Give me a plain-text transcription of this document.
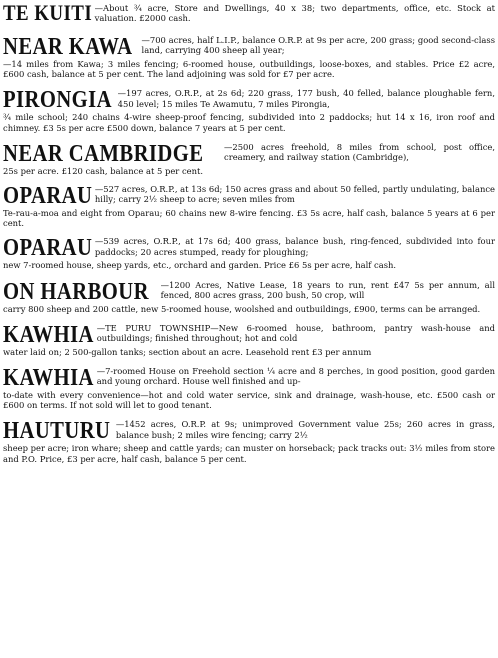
TE KUITI —About ¾ acre, Store and Dwellings, 40 x 38; two departments, office, etc. Stock at valuation. £2000 cash.
NEAR KAWA —700 acres, half L.I.P., balance O.R.P. at 9s per acre, 200 grass; good second-class land, carrying 400 sheep all year;
—14 miles from Kawa; 3 miles fencing; 6-roomed house, outbuildings, loose-boxes, and stables. Price £2 acre, £600 cash, balance at 5 per cent. The land adjoining was sold for £7 per acre.
PIRONGIA —197 acres, O.R.P., at 2s 6d; 220 grass, 177 bush, 40 felled, balance ploughable fern, 450 level; 15 miles Te Awamutu, 7 miles Pirongia,
¾ mile school; 240 chains 4-wire sheep-proof fencing, subdivided into 2 paddocks; hut 14 x 16, iron roof and chimney. £3 5s per acre £500 down, balance 7 years at 5 per cent.
NEAR CAMBRIDGE —2500 acres freehold, 8 miles from school, post office, creamery, and railway station (Cambridge),
25s per acre. £120 cash, balance at 5 per cent.
OPARAU —527 acres, O.R.P., at 13s 6d; 150 acres grass and about 50 felled, partly undulating, balance hilly; carry 2½ sheep to acre; seven miles from
Te-rau-a-moa and eight from Oparau; 60 chains new 8-wire fencing. £3 5s acre, half cash, balance 5 years at 6 per cent.
OPARAU —539 acres, O.R.P., at 17s 6d; 400 grass, balance bush, ring-fenced, subdivided into four paddocks; 20 acres stumped, ready for ploughing;
new 7-roomed house, sheep yards, etc., orchard and garden. Price £6 5s per acre, half cash.
ON HARBOUR —1200 Acres, Native Lease, 18 years to run, rent £47 5s per annum, all fenced, 800 acres grass, 200 bush, 50 crop, will
carry 800 sheep and 200 cattle, new 5-roomed house, woolshed and outbuildings, £900, terms can be arranged.
KAWHIA —TE PURU TOWNSHIP—New 6-roomed house, bathroom, pantry wash-house and outbuildings; finished throughout; hot and cold
water laid on; 2 500-gallon tanks; section about an acre. Leasehold rent £3 per annum
KAWHIA —7-roomed House on Freehold section ¼ acre and 8 perches, in good position, good garden and young orchard. House well finished and up-
to-date with every convenience—hot and cold water service, sink and drainage, wash-house, etc. £500 cash or £600 on terms. If not sold will let to good tenant.
HAUTURU —1452 acres, O.R.P. at 9s; unimproved Government value 25s; 260 acres in grass, balance bush; 2 miles wire fencing; carry 2½
sheep per acre; iron whare; sheep and cattle yards; can muster on horseback; pack tracks out: 3½ miles from store and P.O. Price, £3 per acre, half cash, balance 5 per cent.
